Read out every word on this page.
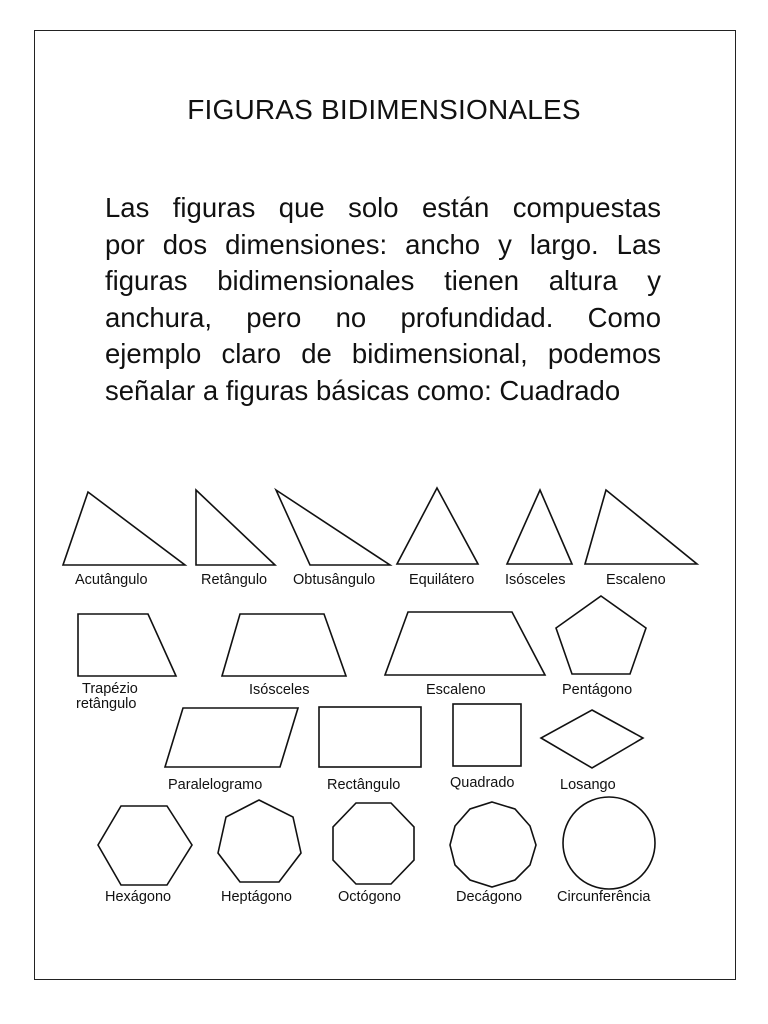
FIGURAS BIDIMENSIONALES
Las figuras que solo están compuestas
por dos dimensiones: ancho y largo. Las
figuras bidimensionales tienen altura y
anchura, pero no profundidad. Como
ejemplo claro de bidimensional, podemos
señalar a figuras básicas como: Cuadrado
Acutângulo	Retângulo Obtusângulo Equilátero Isósceles	Escaleno
Trapézio
retângulo
Isósceles	Escaleno	Pentágono
Paralelogramo	Rectângulo	Quadrado	Losango
Hexágono	Heptágono	Octógono	Decágono Circunferência
